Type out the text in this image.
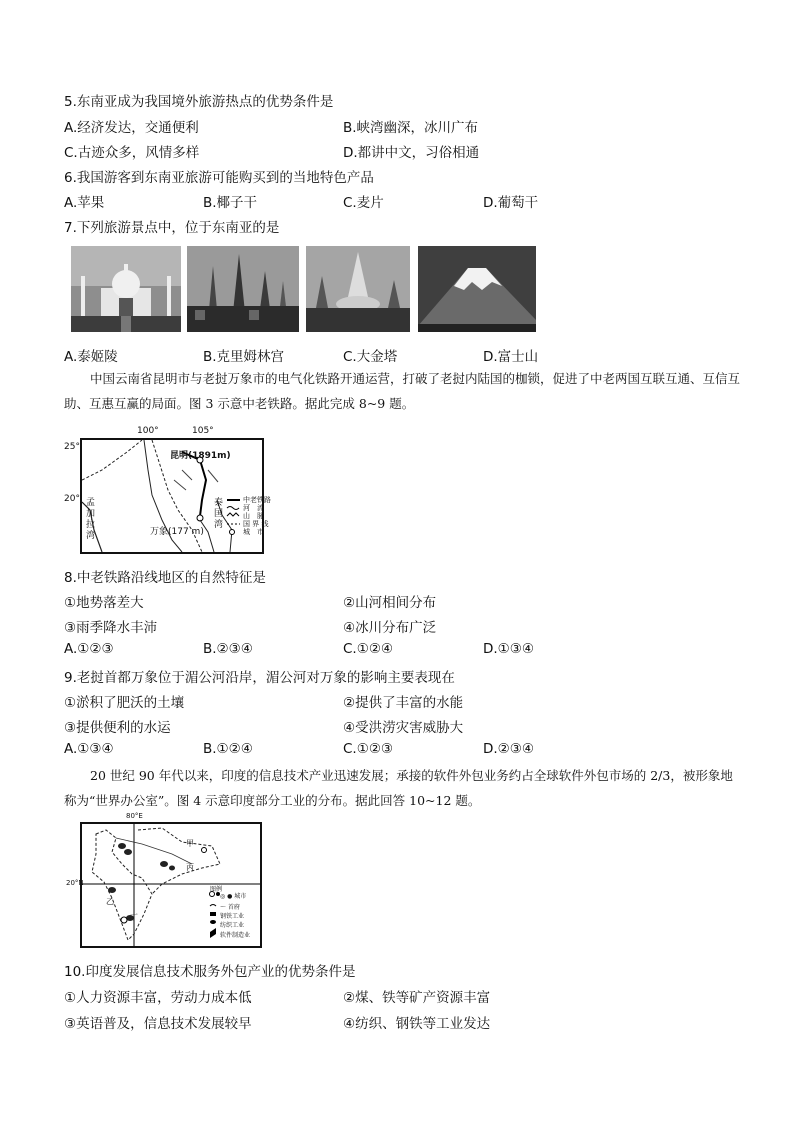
5.东南亚成为我国境外旅游热点的优势条件是
A.经济发达，交通便利	B.峡湾幽深，冰川广布
C.古迹众多，风情多样	D.都讲中文，习俗相通
6.我国游客到东南亚旅游可能购买到的当地特色产品
A.苹果	B.椰子干	C.麦片	D.葡萄干
7.下列旅游景点中，位于东南亚的是
A.泰姬陵	B.克里姆林宫	C.大金塔	D.富士山
中国云南省昆明市与老挝万象市的电气化铁路开通运营，打破了老挝内陆国的枷锁，促进了中老两国互联互通、互信互助、互惠互赢的局面。图 3 示意中老铁路。据此完成 8~9 题。
100°	105°
25°
20°
昆明(1891m)
万象(177 m)
孟加拉湾
泰国湾
中老铁路
河　流
山　脉
国 界 线
城　市
8.中老铁路沿线地区的自然特征是
①地势落差大	②山河相间分布
③雨季降水丰沛	④冰川分布广泛
A.①②③	B.②③④	C.①②④	D.①③④
9.老挝首都万象位于湄公河沿岸，湄公河对万象的影响主要表现在
①淤积了肥沃的土壤	②提供了丰富的水能
③提供便利的水运	④受洪涝灾害威胁大
A.①③④	B.①②④	C.①②③	D.②③④
20 世纪 90 年代以来，印度的信息技术产业迅速发展；承接的软件外包业务约占全球软件外包市场的 2/3，被形象地称为“世界办公室”。图 4 示意印度部分工业的分布。据此回答 10~12 题。
80°E
20°N
甲
丙
乙
丁
图例
◎ ● 城市
～ 首府
钢铁工业
纺织工业
软件制造业
10.印度发展信息技术服务外包产业的优势条件是
①人力资源丰富，劳动力成本低	②煤、铁等矿产资源丰富
③英语普及，信息技术发展较早	④纺织、钢铁等工业发达
